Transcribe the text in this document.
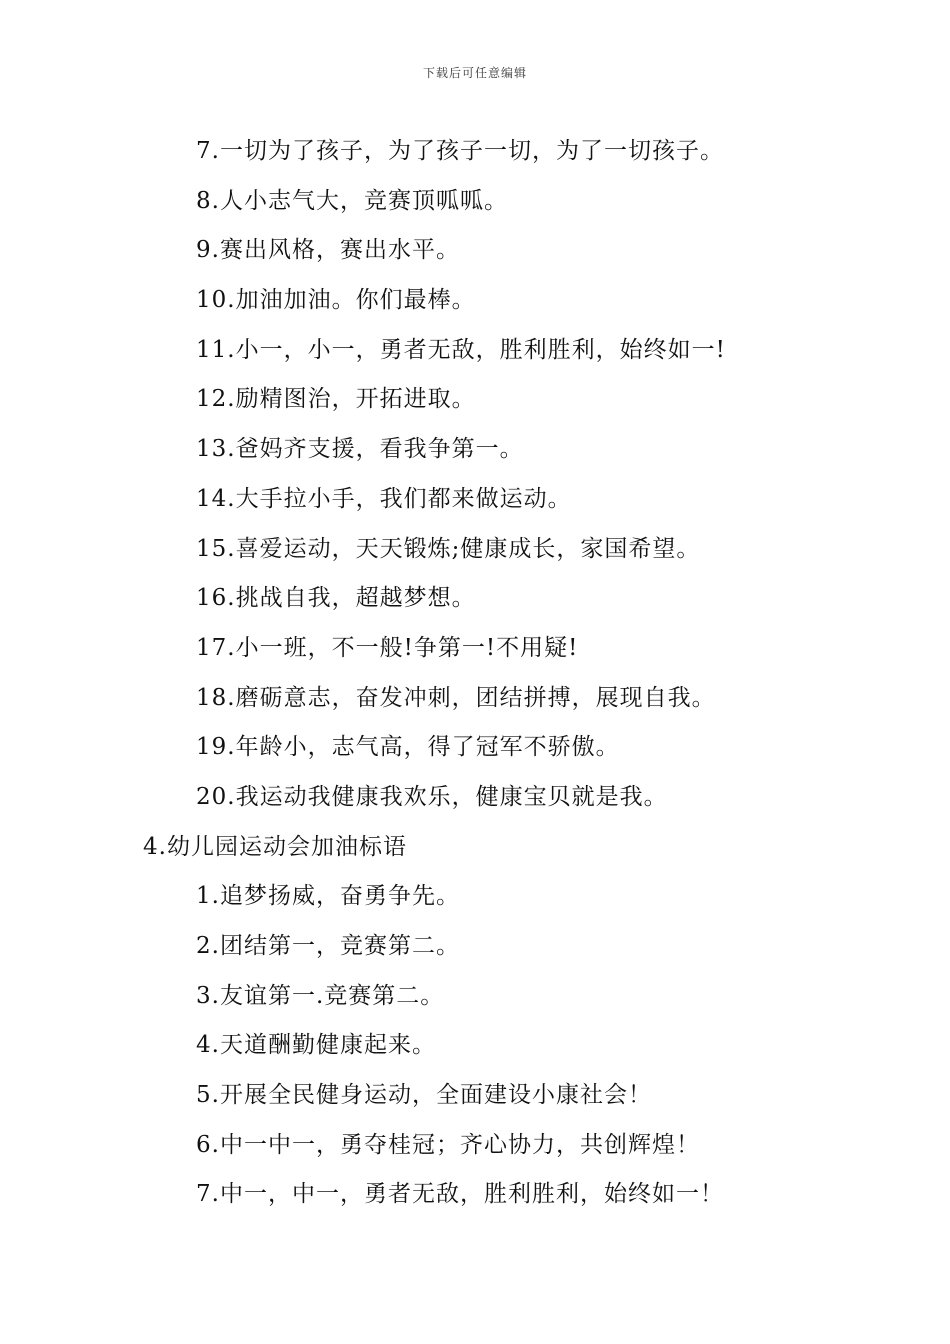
下载后可任意编辑
7.一切为了孩子，为了孩子一切，为了一切孩子。
8.人小志气大，竞赛顶呱呱。
9.赛出风格，赛出水平。
10.加油加油。你们最棒。
11.小一，小一，勇者无敌，胜利胜利，始终如一!
12.励精图治，开拓进取。
13.爸妈齐支援，看我争第一。
14.大手拉小手，我们都来做运动。
15.喜爱运动，天天锻炼;健康成长，家国希望。
16.挑战自我，超越梦想。
17.小一班，不一般!争第一!不用疑!
18.磨砺意志，奋发冲刺，团结拼搏，展现自我。
19.年龄小，志气高，得了冠军不骄傲。
20.我运动我健康我欢乐，健康宝贝就是我。
4.幼儿园运动会加油标语
1.追梦扬威，奋勇争先。
2.团结第一，竞赛第二。
3.友谊第一.竞赛第二。
4.天道酬勤健康起来。
5.开展全民健身运动，全面建设小康社会！
6.中一中一，勇夺桂冠；齐心协力，共创辉煌！
7.中一，中一，勇者无敌，胜利胜利，始终如一！
